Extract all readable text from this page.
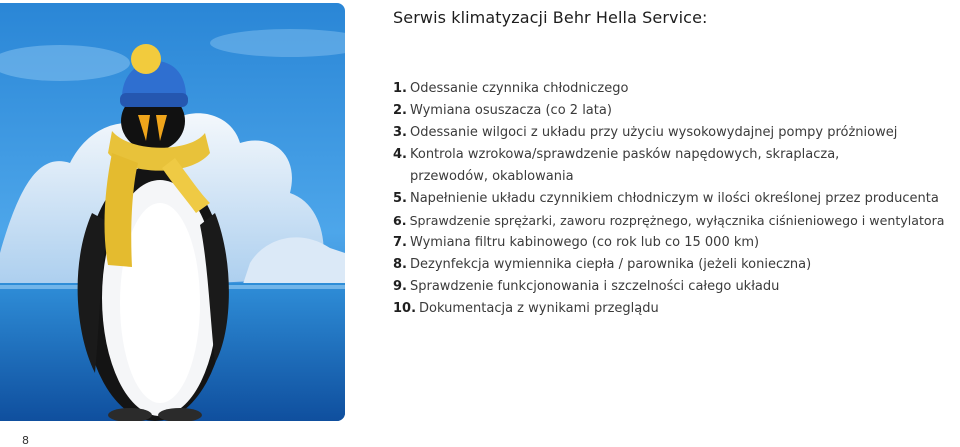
Serwis klimatyzacji Behr Hella Service:
1. Odessanie czynnika chłodniczego
2. Wymiana osuszacza (co 2 lata)
3. Odessanie wilgoci z układu przy użyciu wysokowydajnej pompy próżniowej
4. Kontrola wzrokowa/sprawdzenie pasków napędowych, skraplacza, przewodów, okablowania
5. Napełnienie układu czynnikiem chłodniczym w ilości określonej przez producenta
6. Sprawdzenie sprężarki, zaworu rozprężnego, wyłącznika ciśnieniowego i wentylatora
7. Wymiana filtru kabinowego (co rok lub co 15 000 km)
8. Dezynfekcja wymiennika ciepła / parownika (jeżeli konieczna)
9. Sprawdzenie funkcjonowania i szczelności całego układu
10. Dokumentacja z wynikami przeglądu
8
